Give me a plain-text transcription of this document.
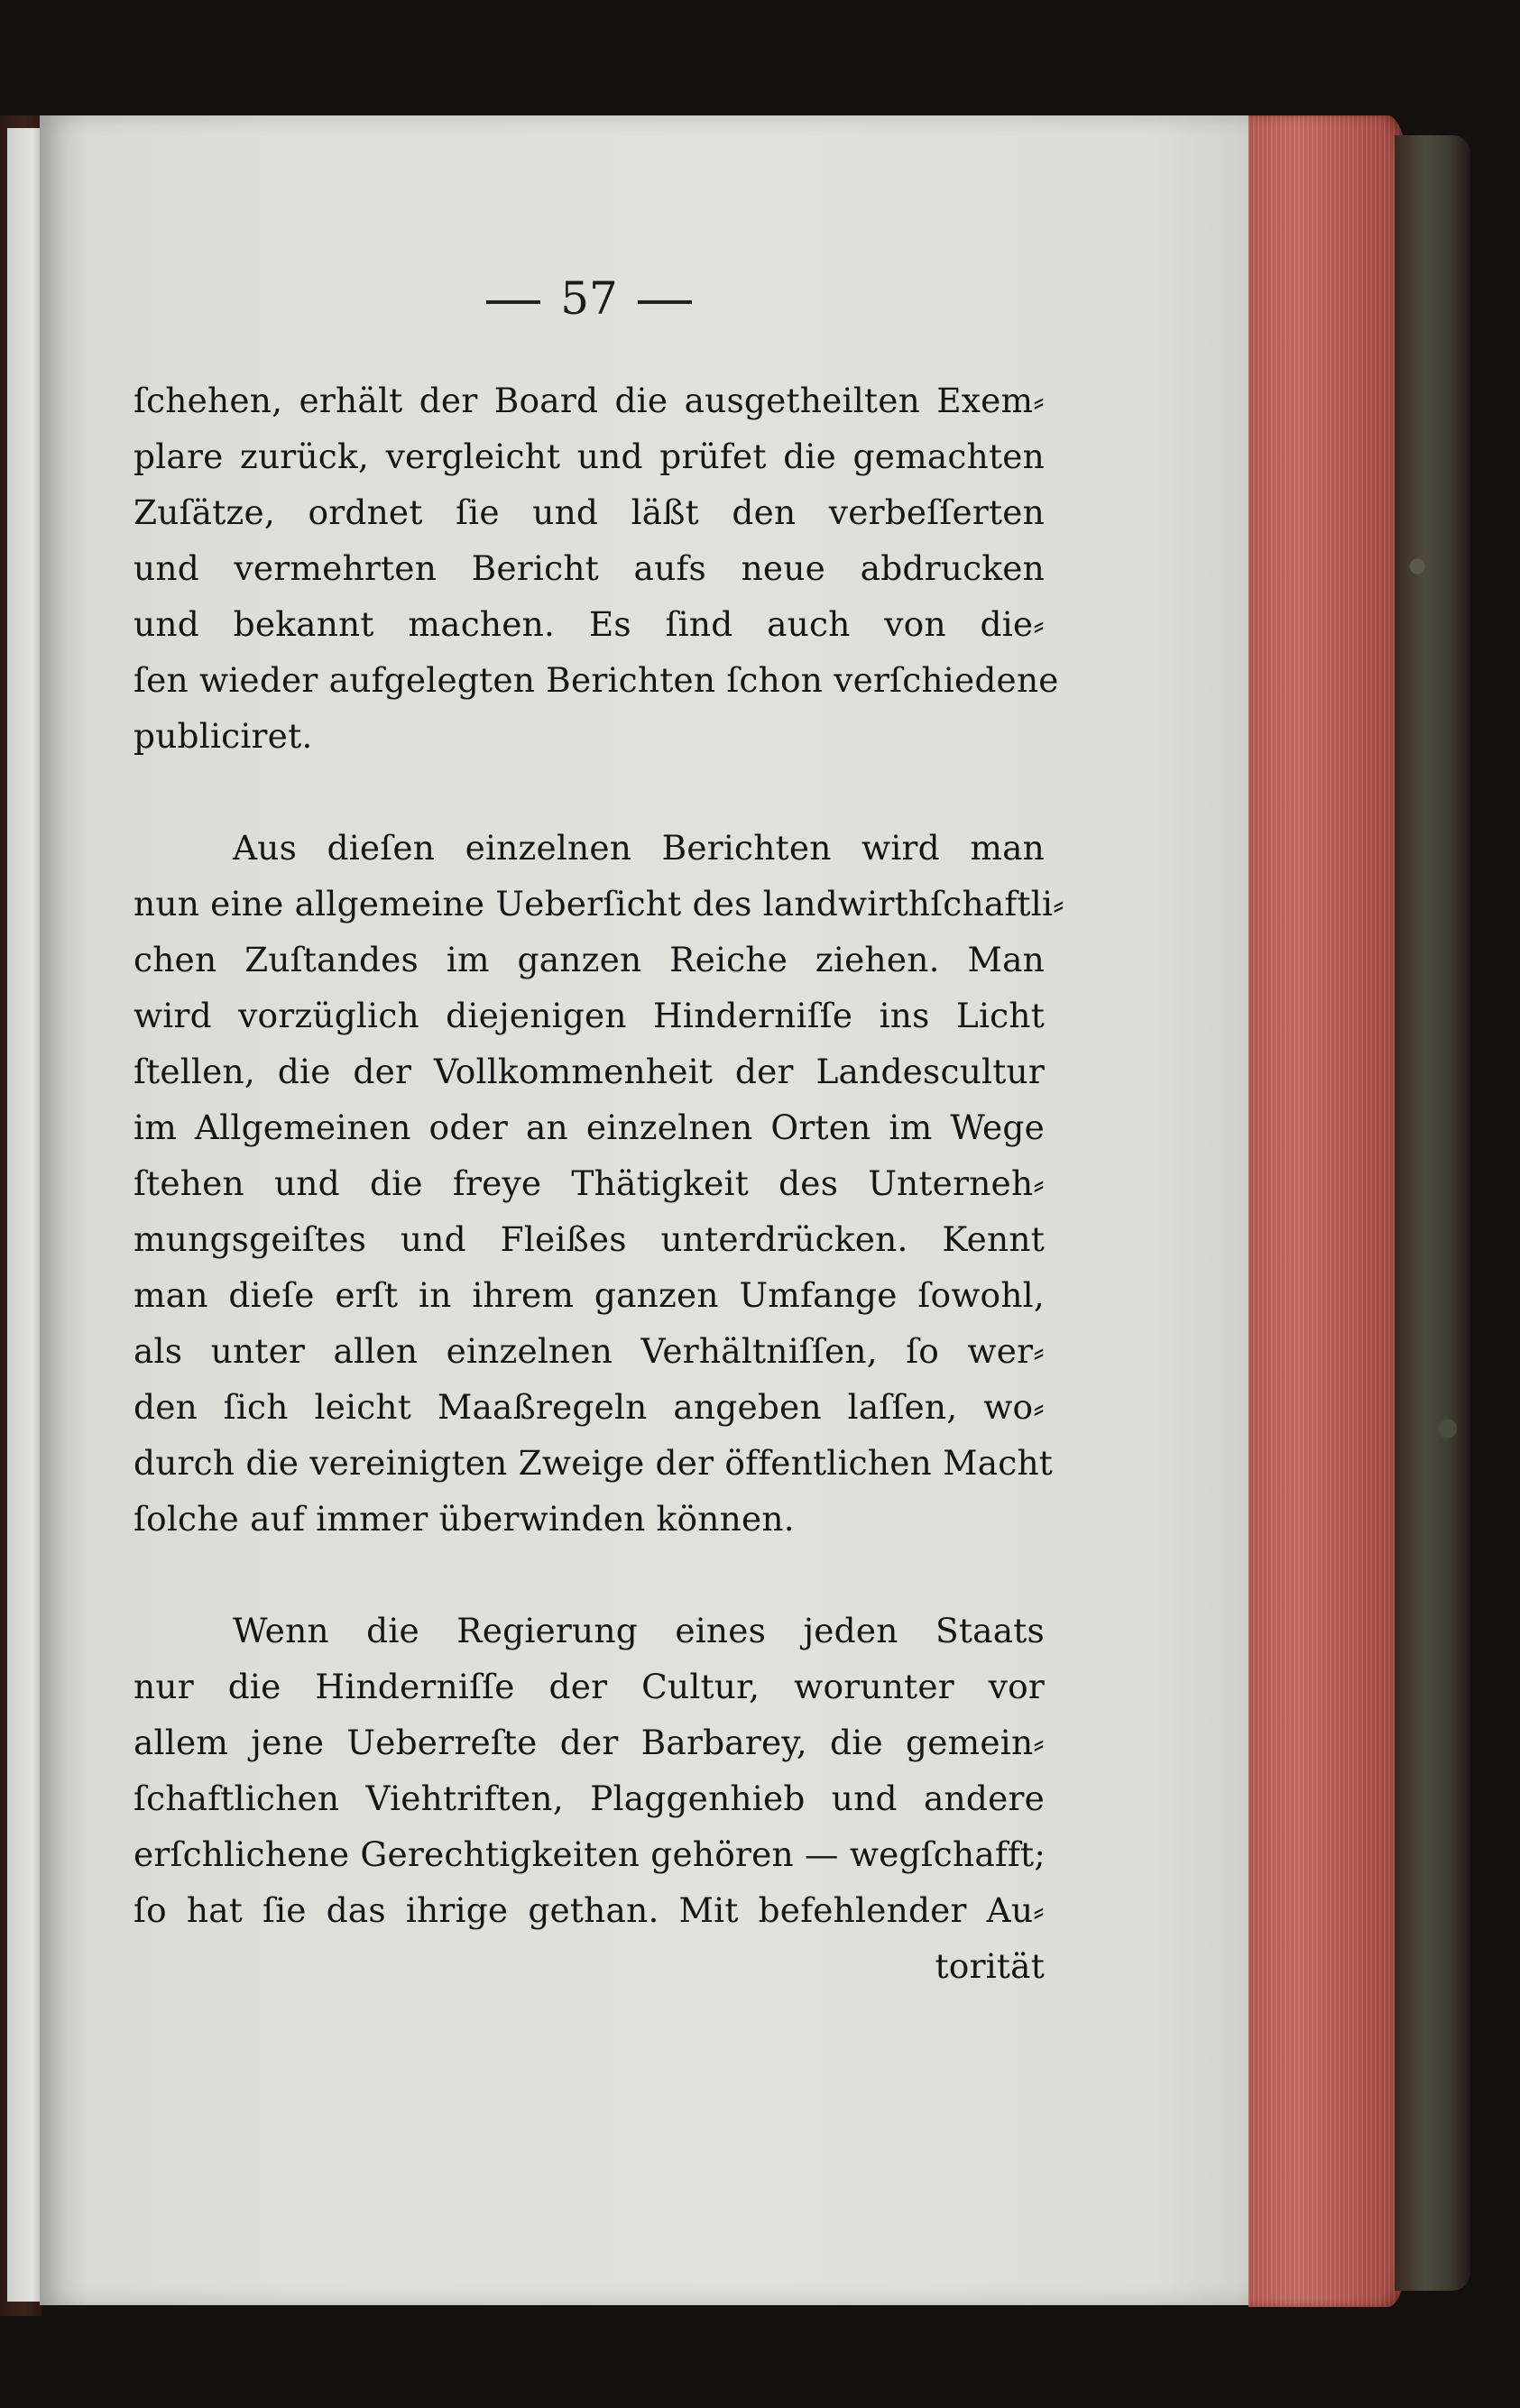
57
ſchehen, erhält der Board die ausgetheilten Exem⸗
plare zurück, vergleicht und prüfet die gemachten
Zuſätze, ordnet ſie und läßt den verbeſſerten
und vermehrten Bericht aufs neue abdrucken
und bekannt machen. Es ſind auch von die⸗
ſen wieder aufgelegten Berichten ſchon verſchiedene
publiciret.
Aus dieſen einzelnen Berichten wird man
nun eine allgemeine Ueberſicht des landwirthſchaftli⸗
chen Zuſtandes im ganzen Reiche ziehen. Man
wird vorzüglich diejenigen Hinderniſſe ins Licht
ſtellen, die der Vollkommenheit der Landescultur
im Allgemeinen oder an einzelnen Orten im Wege
ſtehen und die freye Thätigkeit des Unterneh⸗
mungsgeiſtes und Fleißes unterdrücken. Kennt
man dieſe erſt in ihrem ganzen Umfange ſowohl,
als unter allen einzelnen Verhältniſſen, ſo wer⸗
den ſich leicht Maaßregeln angeben laſſen, wo⸗
durch die vereinigten Zweige der öffentlichen Macht
ſolche auf immer überwinden können.
Wenn die Regierung eines jeden Staats
nur die Hinderniſſe der Cultur, worunter vor
allem jene Ueberreſte der Barbarey, die gemein⸗
ſchaftlichen Viehtriften, Plaggenhieb und andere
erſchlichene Gerechtigkeiten gehören — wegſchafft;
ſo hat ſie das ihrige gethan. Mit befehlender Au⸗
torität
